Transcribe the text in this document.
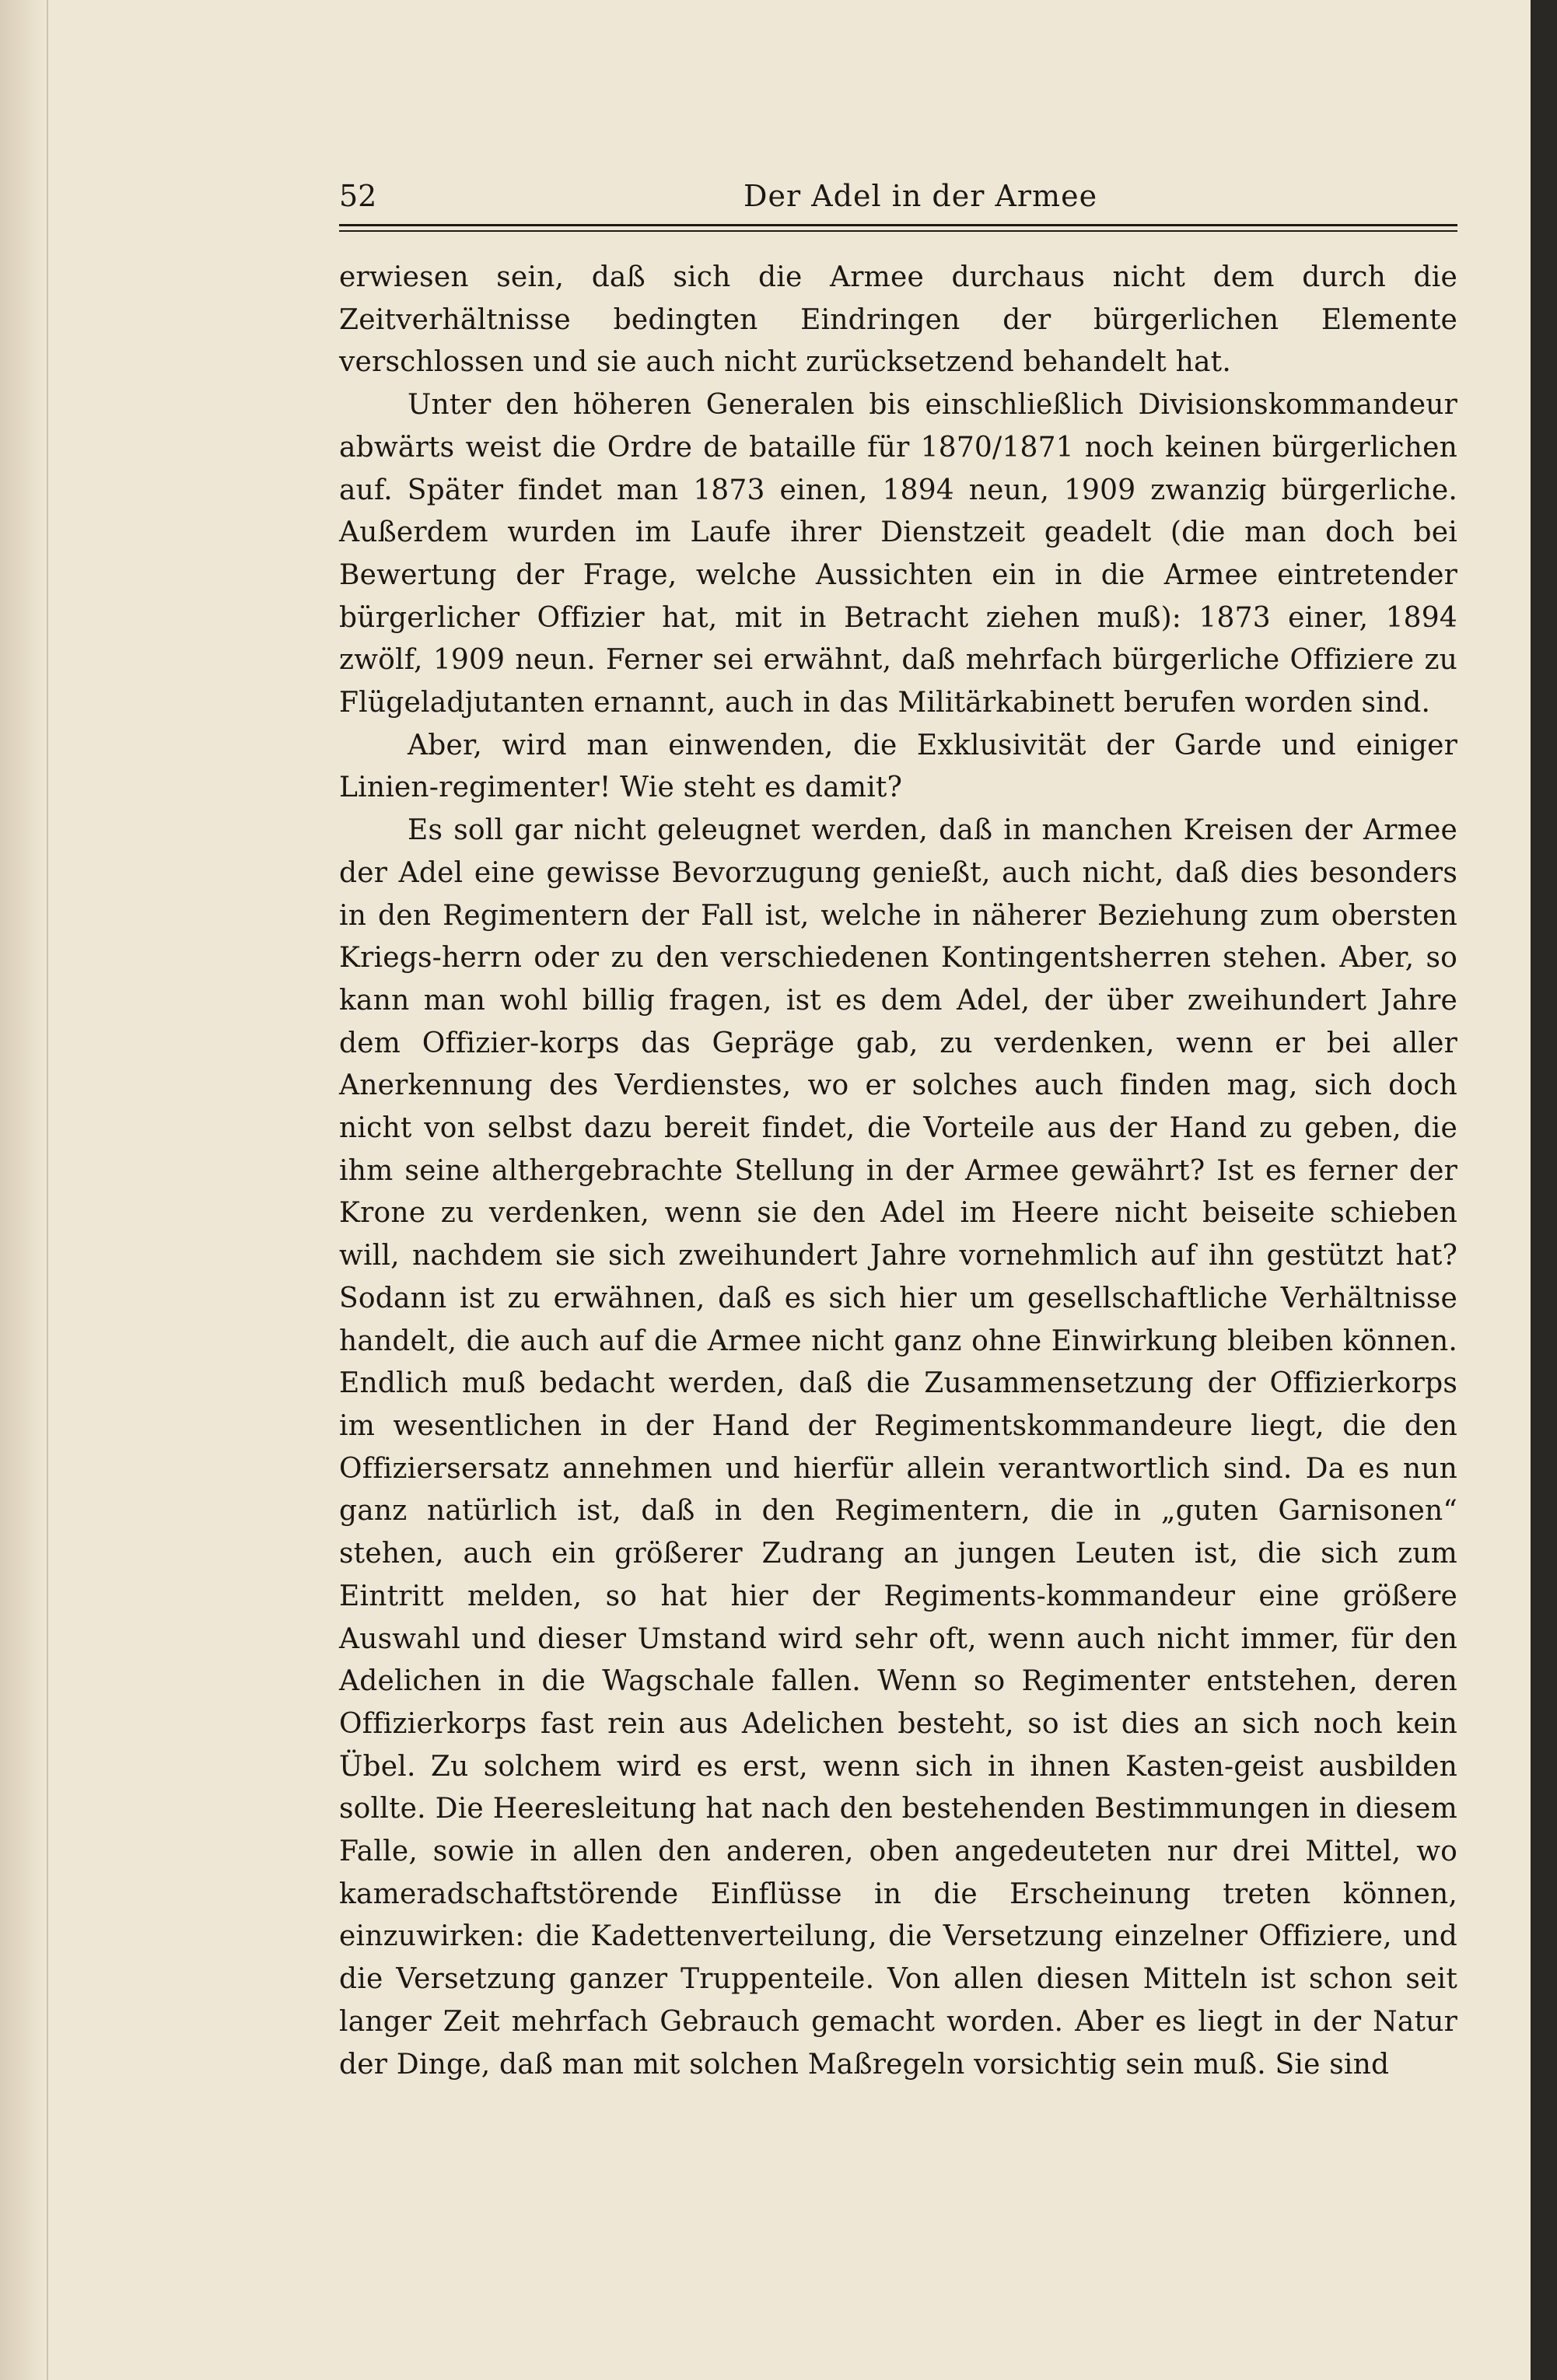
52	Der Adel in der Armee

erwiesen sein, daß sich die Armee durchaus nicht dem durch die Zeitverhältnisse bedingten Eindringen der bürgerlichen Elemente verschlossen und sie auch nicht zurücksetzend behandelt hat.

Unter den höheren Generalen bis einschließlich Divisionskommandeur abwärts weist die Ordre de bataille für 1870/1871 noch keinen bürgerlichen auf. Später findet man 1873 einen, 1894 neun, 1909 zwanzig bürgerliche. Außerdem wurden im Laufe ihrer Dienstzeit geadelt (die man doch bei Bewertung der Frage, welche Aussichten ein in die Armee eintretender bürgerlicher Offizier hat, mit in Betracht ziehen muß): 1873 einer, 1894 zwölf, 1909 neun. Ferner sei erwähnt, daß mehrfach bürgerliche Offiziere zu Flügeladjutanten ernannt, auch in das Militärkabinett berufen worden sind.

Aber, wird man einwenden, die Exklusivität der Garde und einiger Linien-regimenter! Wie steht es damit?

Es soll gar nicht geleugnet werden, daß in manchen Kreisen der Armee der Adel eine gewisse Bevorzugung genießt, auch nicht, daß dies besonders in den Regimentern der Fall ist, welche in näherer Beziehung zum obersten Kriegs-herrn oder zu den verschiedenen Kontingentsherren stehen. Aber, so kann man wohl billig fragen, ist es dem Adel, der über zweihundert Jahre dem Offizier-korps das Gepräge gab, zu verdenken, wenn er bei aller Anerkennung des Verdienstes, wo er solches auch finden mag, sich doch nicht von selbst dazu bereit findet, die Vorteile aus der Hand zu geben, die ihm seine althergebrachte Stellung in der Armee gewährt? Ist es ferner der Krone zu verdenken, wenn sie den Adel im Heere nicht beiseite schieben will, nachdem sie sich zweihundert Jahre vornehmlich auf ihn gestützt hat? Sodann ist zu erwähnen, daß es sich hier um gesellschaftliche Verhältnisse handelt, die auch auf die Armee nicht ganz ohne Einwirkung bleiben können. Endlich muß bedacht werden, daß die Zusammensetzung der Offizierkorps im wesentlichen in der Hand der Regimentskommandeure liegt, die den Offiziersersatz annehmen und hierfür allein verantwortlich sind. Da es nun ganz natürlich ist, daß in den Regimentern, die in „guten Garnisonen“ stehen, auch ein größerer Zudrang an jungen Leuten ist, die sich zum Eintritt melden, so hat hier der Regiments-kommandeur eine größere Auswahl und dieser Umstand wird sehr oft, wenn auch nicht immer, für den Adelichen in die Wagschale fallen. Wenn so Regimenter entstehen, deren Offizierkorps fast rein aus Adelichen besteht, so ist dies an sich noch kein Übel. Zu solchem wird es erst, wenn sich in ihnen Kasten-geist ausbilden sollte. Die Heeresleitung hat nach den bestehenden Bestimmungen in diesem Falle, sowie in allen den anderen, oben angedeuteten nur drei Mittel, wo kameradschaftstörende Einflüsse in die Erscheinung treten können, einzuwirken: die Kadettenverteilung, die Versetzung einzelner Offiziere, und die Versetzung ganzer Truppenteile. Von allen diesen Mitteln ist schon seit langer Zeit mehrfach Gebrauch gemacht worden. Aber es liegt in der Natur der Dinge, daß man mit solchen Maßregeln vorsichtig sein muß. Sie sind
